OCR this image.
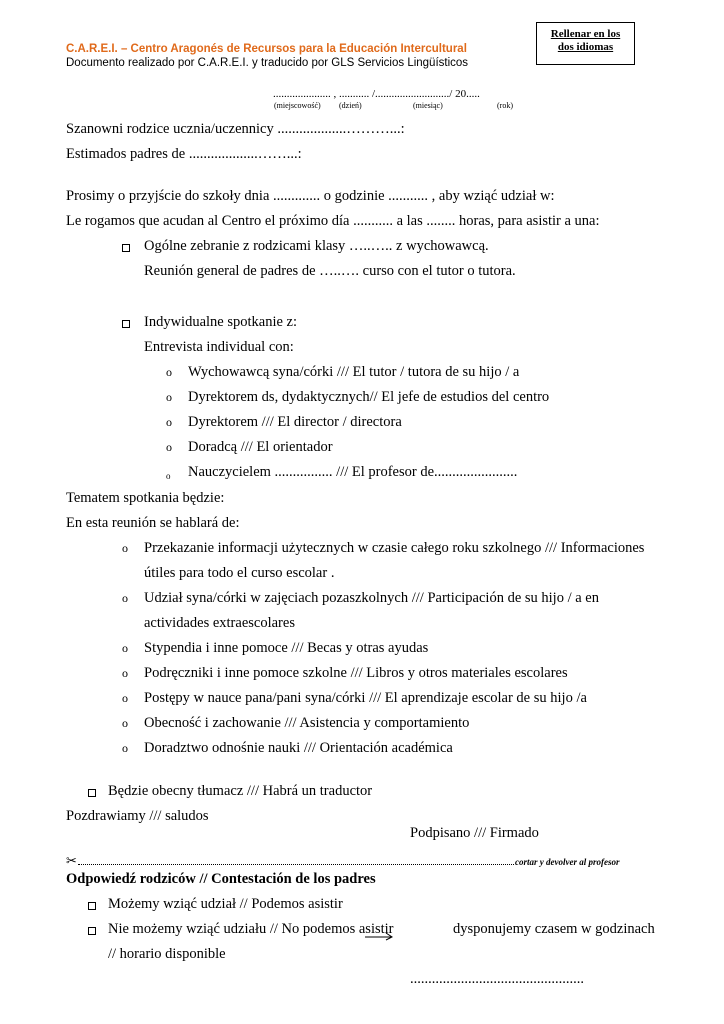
Rellenar en los
dos idiomas
C.A.R.E.I. – Centro Aragonés de Recursos para la Educación Intercultural
Documento realizado por C.A.R.E.I. y traducido por GLS Servicios Lingüísticos
..................... , ........... /.........................../ 20.....
(miejscowość) (dzień)	(miesiąc)	(rok)
Szanowni rodzice ucznia/uczennicy ...................………...:
Estimados padres de ...................……...:
Prosimy o przyjście do szkoły dnia ............. o godzinie ........... , aby wziąć udział w:
Le rogamos que acudan al Centro el próximo día ........... a las ........ horas, para asistir a una:
Ogólne zebranie z rodzicami klasy …..….. z wychowawcą.
Reunión general de padres de …..…. curso con el tutor o tutora.
Indywidualne spotkanie z:
Entrevista individual con:
o Wychowawcą syna/córki /// El tutor / tutora de su hijo / a
o Dyrektorem ds, dydaktycznych// El jefe de estudios del centro
o Dyrektorem /// El director / directora
o Doradcą /// El orientador
o Nauczycielem ................ /// El profesor de.......................
Tematem spotkania będzie:
En esta reunión se hablará de:
o Przekazanie informacji użytecznych w czasie całego roku szkolnego /// Informaciones
útiles para todo el curso escolar .
o Udział syna/córki w zajęciach pozaszkolnych /// Participación de su hijo / a en
actividades extraescolares
o Stypendia i inne pomoce /// Becas y otras ayudas
o Podręczniki i inne pomoce szkolne /// Libros y otros materiales escolares
o Postępy w nauce pana/pani syna/córki /// El aprendizaje escolar de su hijo /a
o Obecność i zachowanie /// Asistencia y comportamiento
o Doradztwo odnośnie nauki /// Orientación académica
Będzie obecny tłumacz /// Habrá un traductor
Pozdrawiamy /// saludos
Podpisano /// Firmado
✂	cortar y devolver al profesor
Odpowiedź rodziców // Contestación de los padres
Możemy wziąć udział // Podemos asistir
Nie możemy wziąć udziału // No podemos asistir	dysponujemy czasem w godzinach
// horario disponible
................................................
